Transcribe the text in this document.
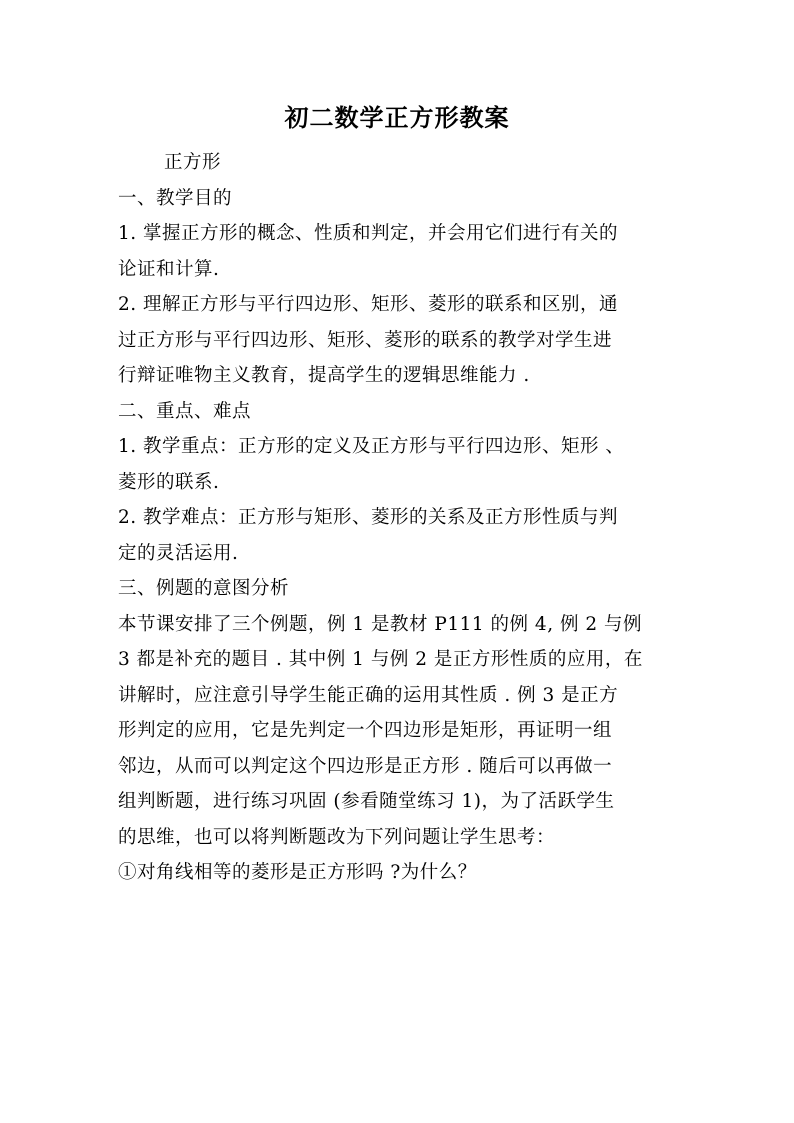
初二数学正方形教案
正方形
一、教学目的
1. 掌握正方形的概念、性质和判定，并会用它们进行有关的
论证和计算.
2. 理解正方形与平行四边形、矩形、菱形的联系和区别，通
过正方形与平行四边形、矩形、菱形的联系的教学对学生进
行辩证唯物主义教育，提高学生的逻辑思维能力 .
二、重点、难点
1. 教学重点：正方形的定义及正方形与平行四边形、矩形 、
菱形的联系.
2. 教学难点：正方形与矩形、菱形的关系及正方形性质与判
定的灵活运用.
三、例题的意图分析
本节课安排了三个例题，例 1 是教材 P111 的例 4, 例 2 与例
3 都是补充的题目 . 其中例 1 与例 2 是正方形性质的应用，在
讲解时，应注意引导学生能正确的运用其性质 . 例 3 是正方
形判定的应用，它是先判定一个四边形是矩形，再证明一组
邻边，从而可以判定这个四边形是正方形 . 随后可以再做一
组判断题，进行练习巩固 (参看随堂练习 1)，为了活跃学生
的思维，也可以将判断题改为下列问题让学生思考：
①对角线相等的菱形是正方形吗 ?为什么？
